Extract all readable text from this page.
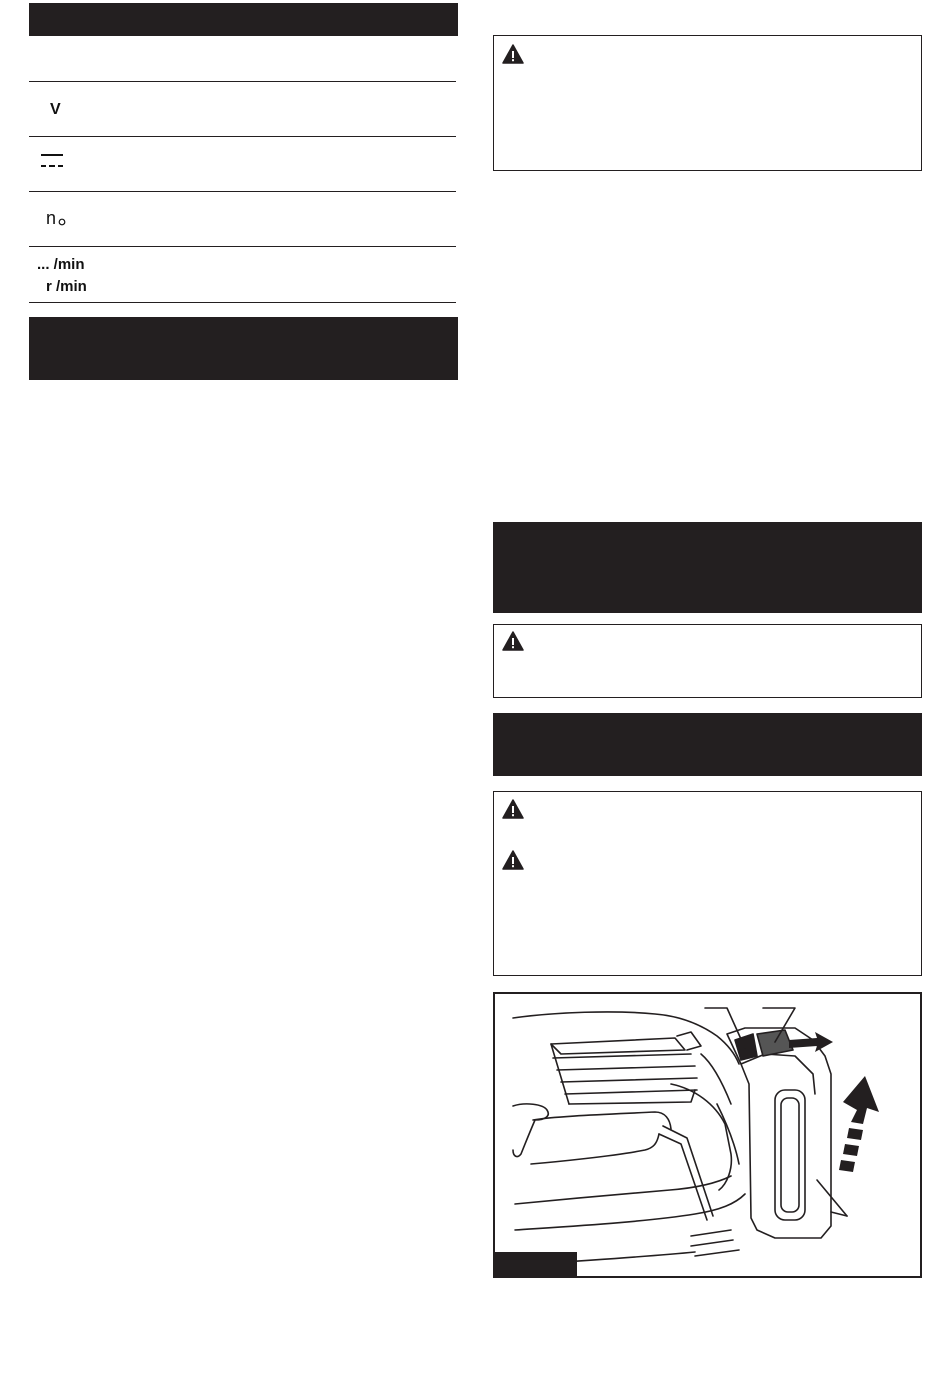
V
n
... /min
r /min
